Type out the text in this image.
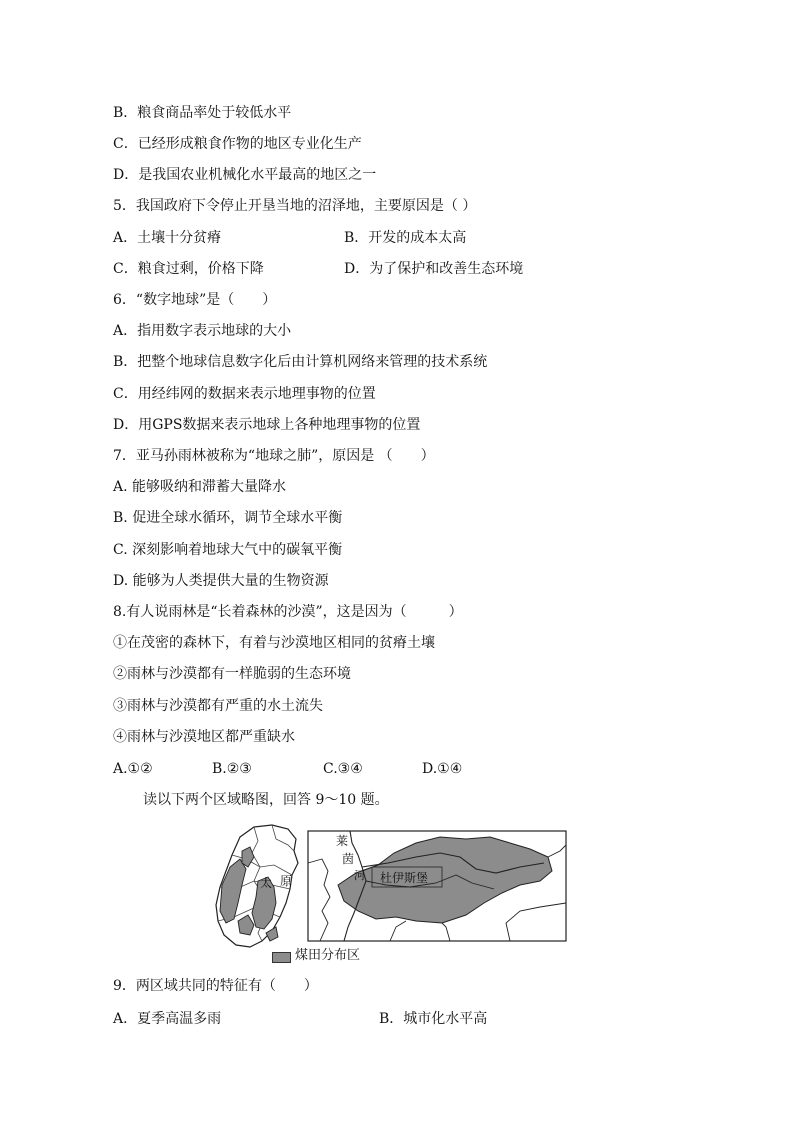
B．粮食商品率处于较低水平
C．已经形成粮食作物的地区专业化生产
D．是我国农业机械化水平最高的地区之一
5．我国政府下令停止开垦当地的沼泽地，主要原因是（ ）
A．土壤十分贫瘠	B．开发的成本太高
C．粮食过剩，价格下降	D．为了保护和改善生态环境
6．“数字地球”是（　　）
A．指用数字表示地球的大小
B．把整个地球信息数字化后由计算机网络来管理的技术系统
C．用经纬网的数据来表示地理事物的位置
D．用GPS数据来表示地球上各种地理事物的位置
7．亚马孙雨林被称为“地球之肺”，原因是 （　　）
A. 能够吸纳和滞蓄大量降水
B. 促进全球水循环，调节全球水平衡
C. 深刻影响着地球大气中的碳氧平衡
D. 能够为人类提供大量的生物资源
8.有人说雨林是“长着森林的沙漠”，这是因为（　　　）
①在茂密的森林下，有着与沙漠地区相同的贫瘠土壤
②雨林与沙漠都有一样脆弱的生态环境
③雨林与沙漠都有严重的水土流失
④雨林与沙漠地区都严重缺水
A.①②	B.②③	C.③④	D.①④
读以下两个区域略图，回答 9～10 题。
太 原
莱
茵
河 杜伊斯堡
煤田分布区
9．两区域共同的特征有（　　）
A．夏季高温多雨	B．城市化水平高
